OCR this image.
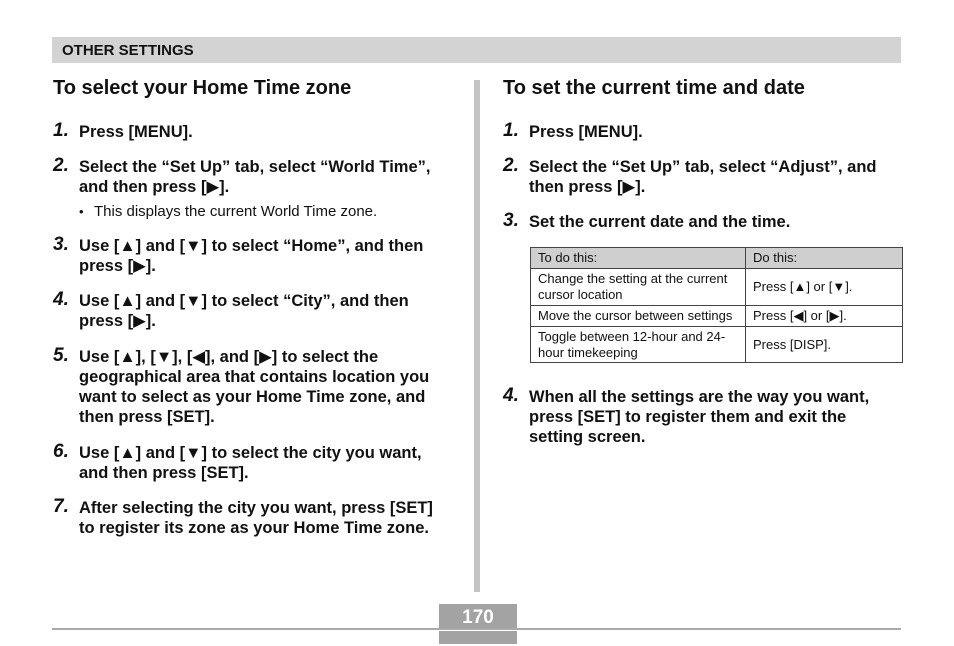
OTHER SETTINGS
To select your Home Time zone
1. Press [MENU].
2. Select the “Set Up” tab, select “World Time”,
and then press [▶].
• This displays the current World Time zone.
3. Use [▲] and [▼] to select “Home”, and then
press [▶].
4. Use [▲] and [▼] to select “City”, and then
press [▶].
5. Use [▲], [▼], [◀], and [▶] to select the
geographical area that contains location you
want to select as your Home Time zone, and
then press [SET].
6. Use [▲] and [▼] to select the city you want,
and then press [SET].
7. After selecting the city you want, press [SET]
to register its zone as your Home Time zone.
To set the current time and date
1. Press [MENU].
2. Select the “Set Up” tab, select “Adjust”, and
then press [▶].
3. Set the current date and the time.
To do this:	Do this:

Change the setting at the current
cursor location	Press [▲] or [▼].

Move the cursor between settings	Press [◀] or [▶].

Toggle between 12-hour and 24-
hour timekeeping	Press [DISP].
4. When all the settings are the way you want,
press [SET] to register them and exit the
setting screen.
170
